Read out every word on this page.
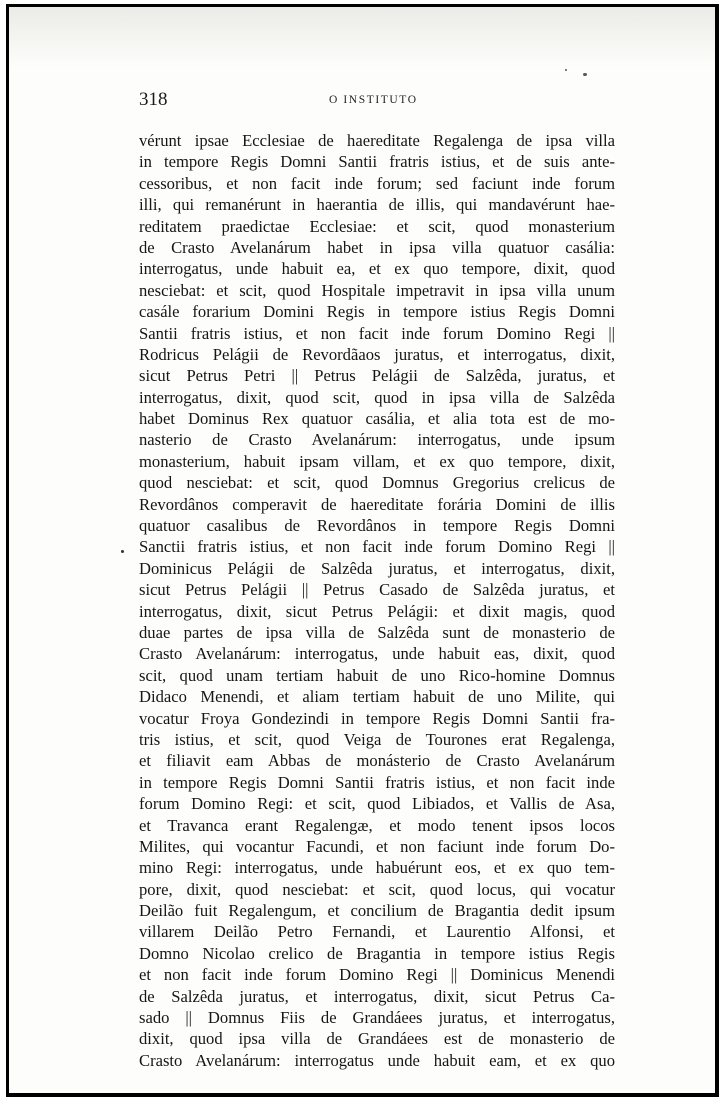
318	O INSTITUTO
vérunt ipsae Ecclesiae de haereditate Regalenga de ipsa villa
in tempore Regis Domni Santii fratris istius, et de suis ante-
cessoribus, et non facit inde forum; sed faciunt inde forum
illi, qui remanérunt in haerantia de illis, qui mandavérunt hae-
reditatem praedictae Ecclesiae: et scit, quod monasterium
de Crasto Avelanárum habet in ipsa villa quatuor casália:
interrogatus, unde habuit ea, et ex quo tempore, dixit, quod
nesciebat: et scit, quod Hospitale impetravit in ipsa villa unum
casále forarium Domini Regis in tempore istius Regis Domni
Santii fratris istius, et non facit inde forum Domino Regi ||
Rodricus Pelágii de Revordãaos juratus, et interrogatus, dixit,
sicut Petrus Petri || Petrus Pelágii de Salzêda, juratus, et
interrogatus, dixit, quod scit, quod in ipsa villa de Salzêda
habet Dominus Rex quatuor casália, et alia tota est de mo-
nasterio de Crasto Avelanárum: interrogatus, unde ipsum
monasterium, habuit ipsam villam, et ex quo tempore, dixit,
quod nesciebat: et scit, quod Domnus Gregorius crelicus de
Revordânos comperavit de haereditate forária Domini de illis
quatuor casalibus de Revordânos in tempore Regis Domni
Sanctii fratris istius, et non facit inde forum Domino Regi ||
Dominicus Pelágii de Salzêda juratus, et interrogatus, dixit,
sicut Petrus Pelágii || Petrus Casado de Salzêda juratus, et
interrogatus, dixit, sicut Petrus Pelágii: et dixit magis, quod
duae partes de ipsa villa de Salzêda sunt de monasterio de
Crasto Avelanárum: interrogatus, unde habuit eas, dixit, quod
scit, quod unam tertiam habuit de uno Rico-homine Domnus
Didaco Menendi, et aliam tertiam habuit de uno Milite, qui
vocatur Froya Gondezindi in tempore Regis Domni Santii fra-
tris istius, et scit, quod Veiga de Tourones erat Regalenga,
et filiavit eam Abbas de monásterio de Crasto Avelanárum
in tempore Regis Domni Santii fratris istius, et non facit inde
forum Domino Regi: et scit, quod Libiados, et Vallis de Asa,
et Travanca erant Regalengæ, et modo tenent ipsos locos
Milites, qui vocantur Facundi, et non faciunt inde forum Do-
mino Regi: interrogatus, unde habuérunt eos, et ex quo tem-
pore, dixit, quod nesciebat: et scit, quod locus, qui vocatur
Deilão fuit Regalengum, et concilium de Bragantia dedit ipsum
villarem Deilão Petro Fernandi, et Laurentio Alfonsi, et
Domno Nicolao crelico de Bragantia in tempore istius Regis
et non facit inde forum Domino Regi || Dominicus Menendi
de Salzêda juratus, et interrogatus, dixit, sicut Petrus Ca-
sado || Domnus Fiis de Grandáees juratus, et interrogatus,
dixit, quod ipsa villa de Grandáees est de monasterio de
Crasto Avelanárum: interrogatus unde habuit eam, et ex quo
